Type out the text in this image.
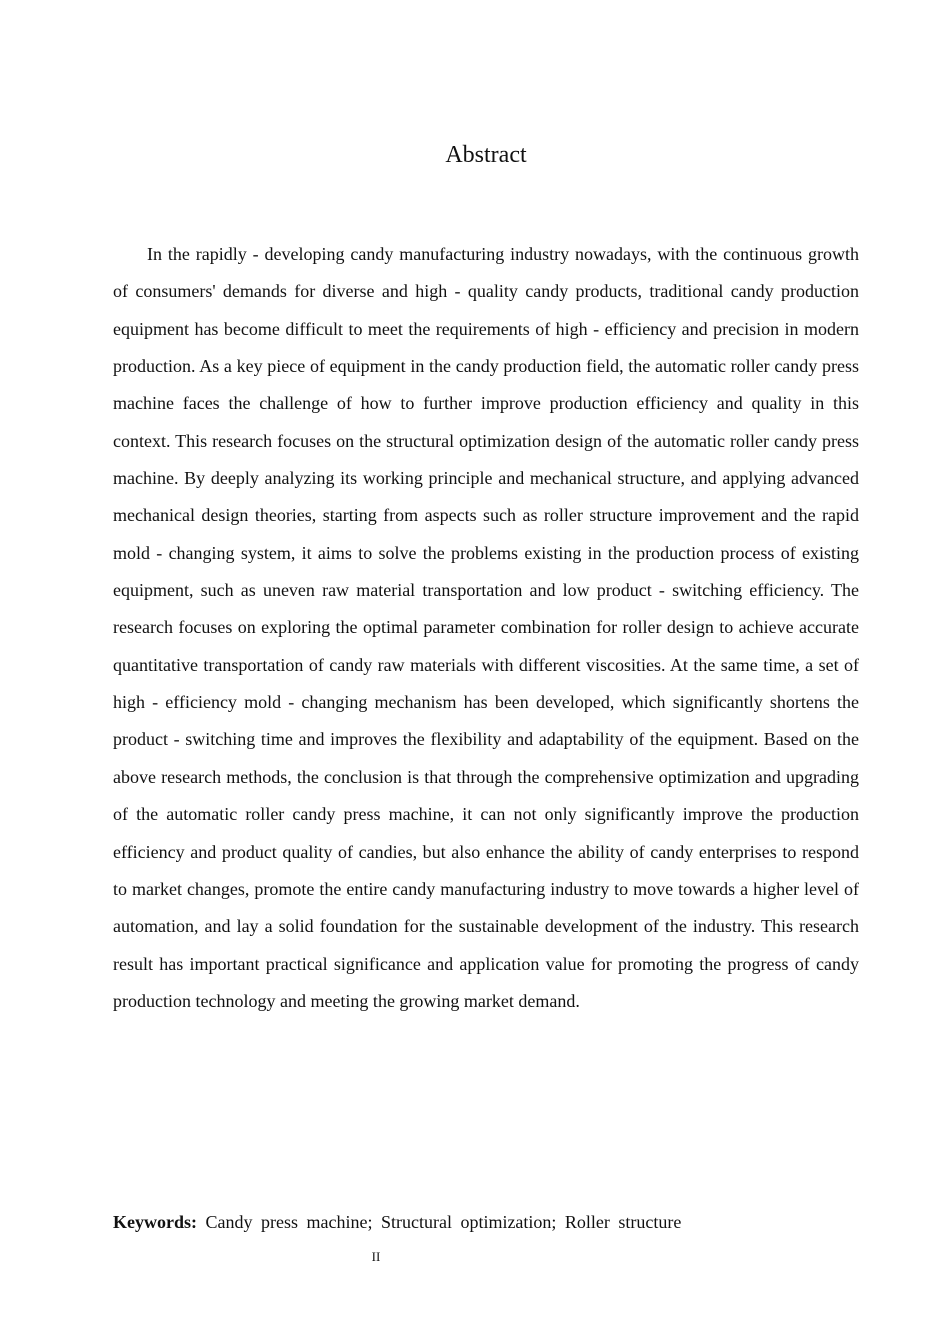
Abstract

In the rapidly - developing candy manufacturing industry nowadays, with the continuous growth of consumers' demands for diverse and high - quality candy products, traditional candy production equipment has become difficult to meet the requirements of high - efficiency and precision in modern production. As a key piece of equipment in the candy production field, the automatic roller candy press machine faces the challenge of how to further improve production efficiency and quality in this context. This research focuses on the structural optimization design of the automatic roller candy press machine. By deeply analyzing its working principle and mechanical structure, and applying advanced mechanical design theories, starting from aspects such as roller structure improvement and the rapid mold - changing system, it aims to solve the problems existing in the production process of existing equipment, such as uneven raw material transportation and low product - switching efficiency. The research focuses on exploring the optimal parameter combination for roller design to achieve accurate quantitative transportation of candy raw materials with different viscosities. At the same time, a set of high - efficiency mold - changing mechanism has been developed, which significantly shortens the product - switching time and improves the flexibility and adaptability of the equipment. Based on the above research methods, the conclusion is that through the comprehensive optimization and upgrading of the automatic roller candy press machine, it can not only significantly improve the production efficiency and product quality of candies, but also enhance the ability of candy enterprises to respond to market changes, promote the entire candy manufacturing industry to move towards a higher level of automation, and lay a solid foundation for the sustainable development of the industry. This research result has important practical significance and application value for promoting the progress of candy production technology and meeting the growing market demand.

Keywords: Candy press machine; Structural optimization; Roller structure

II
